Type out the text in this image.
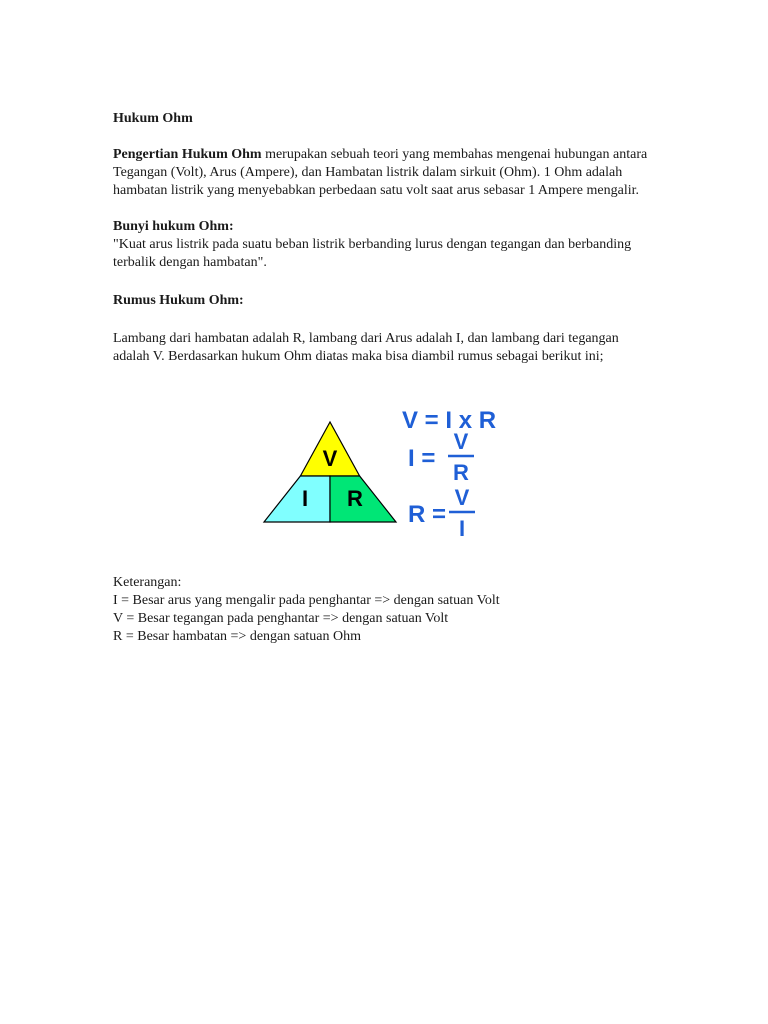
Hukum Ohm

Pengertian Hukum Ohm merupakan sebuah teori yang membahas mengenai hubungan antara Tegangan (Volt), Arus (Ampere), dan Hambatan listrik dalam sirkuit (Ohm). 1 Ohm adalah hambatan listrik yang menyebabkan perbedaan satu volt saat arus sebasar 1 Ampere mengalir.

Bunyi hukum Ohm:

"Kuat arus listrik pada suatu beban listrik berbanding lurus dengan tegangan dan berbanding terbalik dengan hambatan".

Rumus Hukum Ohm:

Lambang dari hambatan adalah R, lambang dari Arus adalah I, dan lambang dari tegangan adalah V. Berdasarkan hukum Ohm diatas maka bisa diambil rumus sebagai berikut ini;

V
I R
V = I x R
I =
V
R
R =
V
I

Keterangan:

I = Besar arus yang mengalir pada penghantar => dengan satuan Volt

V = Besar tegangan pada penghantar => dengan satuan Volt

R = Besar hambatan => dengan satuan Ohm
